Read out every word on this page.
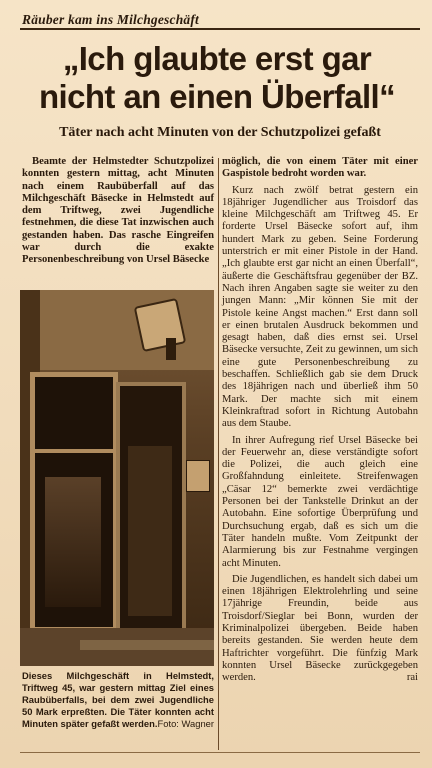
Räuber kam ins Milchgeschäft
„Ich glaubte erst gar
nicht an einen Überfall“
Täter nach acht Minuten von der Schutzpolizei gefaßt

Beamte der Helmstedter Schutzpolizei konnten gestern mittag, acht Minuten nach einem Raubüberfall auf das Milchgeschäft Bäsecke in Helmstedt auf dem Triftweg, zwei Jugendliche festnehmen, die diese Tat inzwischen auch gestanden haben. Das rasche Eingreifen war durch die exakte Personenbeschreibung von Ursel Bäsecke

Dieses Milchgeschäft in Helmstedt, Triftweg 45, war gestern mittag Ziel eines Raubüberfalls, bei dem zwei Jugendliche 50 Mark erpreßten. Die Täter konnten acht Minuten später gefaßt werden. Foto: Wagner

möglich, die von einem Täter mit einer Gaspistole bedroht worden war.

Kurz nach zwölf betrat gestern ein 18jähriger Jugendlicher aus Troisdorf das kleine Milchgeschäft am Triftweg 45. Er forderte Ursel Bäsecke sofort auf, ihm hundert Mark zu geben. Seine Forderung unterstrich er mit einer Pistole in der Hand. „Ich glaubte erst gar nicht an einen Überfall“, äußerte die Geschäftsfrau gegenüber der BZ. Nach ihren Angaben sagte sie weiter zu den jungen Mann: „Mir können Sie mit der Pistole keine Angst machen.“ Erst dann soll er einen brutalen Ausdruck bekommen und gesagt haben, daß dies ernst sei. Ursel Bäsecke versuchte, Zeit zu gewinnen, um sich eine gute Personenbeschreibung zu beschaffen. Schließlich gab sie dem Druck des 18jährigen nach und überließ ihm 50 Mark. Der machte sich mit einem Kleinkraftrad sofort in Richtung Autobahn aus dem Staube.

In ihrer Aufregung rief Ursel Bäsecke bei der Feuerwehr an, diese verständigte sofort die Polizei, die auch gleich eine Großfahndung einleitete. Streifenwagen „Cäsar 12“ bemerkte zwei verdächtige Personen bei der Tankstelle Drinkut an der Autobahn. Eine sofortige Überprüfung und Durchsuchung ergab, daß es sich um die Täter handeln mußte. Vom Zeitpunkt der Alarmierung bis zur Festnahme vergingen acht Minuten.

Die Jugendlichen, es handelt sich dabei um einen 18jährigen Elektrolehrling und seine 17jährige Freundin, beide aus Troisdorf/Sieglar bei Bonn, wurden der Kriminalpolizei übergeben. Beide haben bereits gestanden. Sie werden heute dem Haftrichter vorgeführt. Die fünfzig Mark konnten Ursel Bäsecke zurückgegeben werden.	rai
